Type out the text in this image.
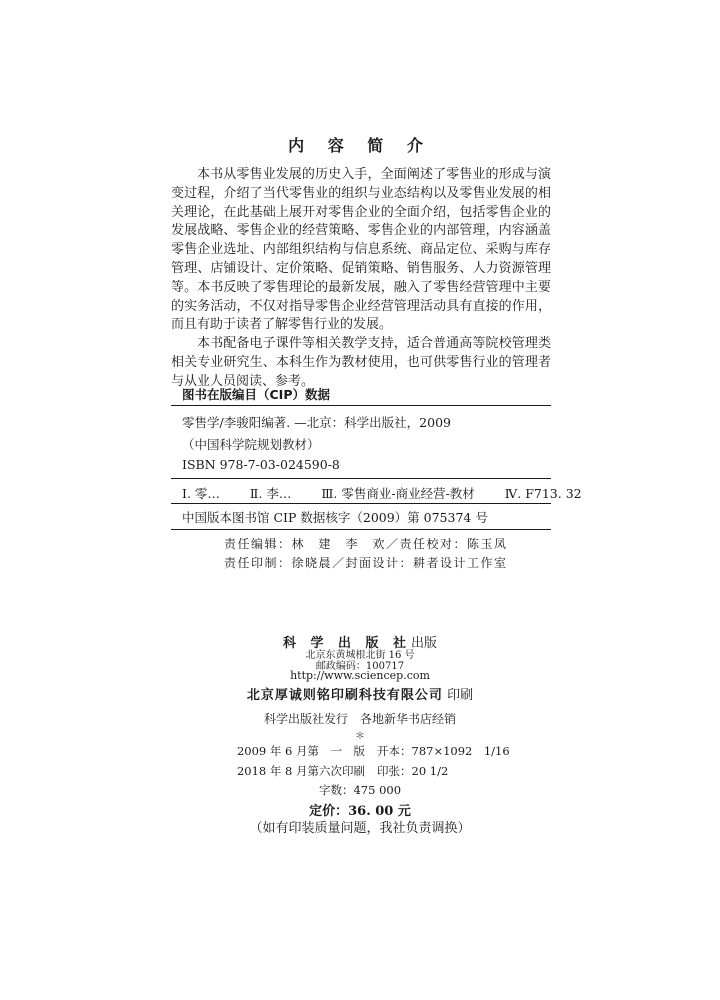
内 容 简 介

本书从零售业发展的历史入手，全面阐述了零售业的形成与演变过程，介绍了当代零售业的组织与业态结构以及零售业发展的相关理论，在此基础上展开对零售企业的全面介绍，包括零售企业的发展战略、零售企业的经营策略、零售企业的内部管理，内容涵盖零售企业选址、内部组织结构与信息系统、商品定位、采购与库存管理、店铺设计、定价策略、促销策略、销售服务、人力资源管理等。本书反映了零售理论的最新发展，融入了零售经营管理中主要的实务活动，不仅对指导零售企业经营管理活动具有直接的作用，而且有助于读者了解零售行业的发展。

本书配备电子课件等相关教学支持，适合普通高等院校管理类相关专业研究生、本科生作为教材使用，也可供零售行业的管理者与从业人员阅读、参考。

图书在版编目（CIP）数据
零售学/李骏阳编著. —北京：科学出版社，2009
（中国科学院规划教材）
ISBN 978-7-03-024590-8
Ⅰ. 零… Ⅱ. 李… Ⅲ. 零售商业-商业经营-教材 Ⅳ. F713. 32
中国版本图书馆 CIP 数据核字（2009）第 075374 号
责任编辑：林　建　李　欢／责任校对：陈玉凤
责任印制：徐晓晨／封面设计：耕者设计工作室
科 学 出 版 社出版
北京东黄城根北街 16 号
邮政编码：100717
http://www.sciencep.com
北京厚诚则铭印刷科技有限公司 印刷
科学出版社发行　各地新华书店经销
＊
2009 年 6 月第　一　版 开本：787×1092　1/16
2018 年 8 月第六次印刷 印张：20 1/2
字数：475 000
定价：36. 00 元
（如有印装质量问题，我社负责调换）
